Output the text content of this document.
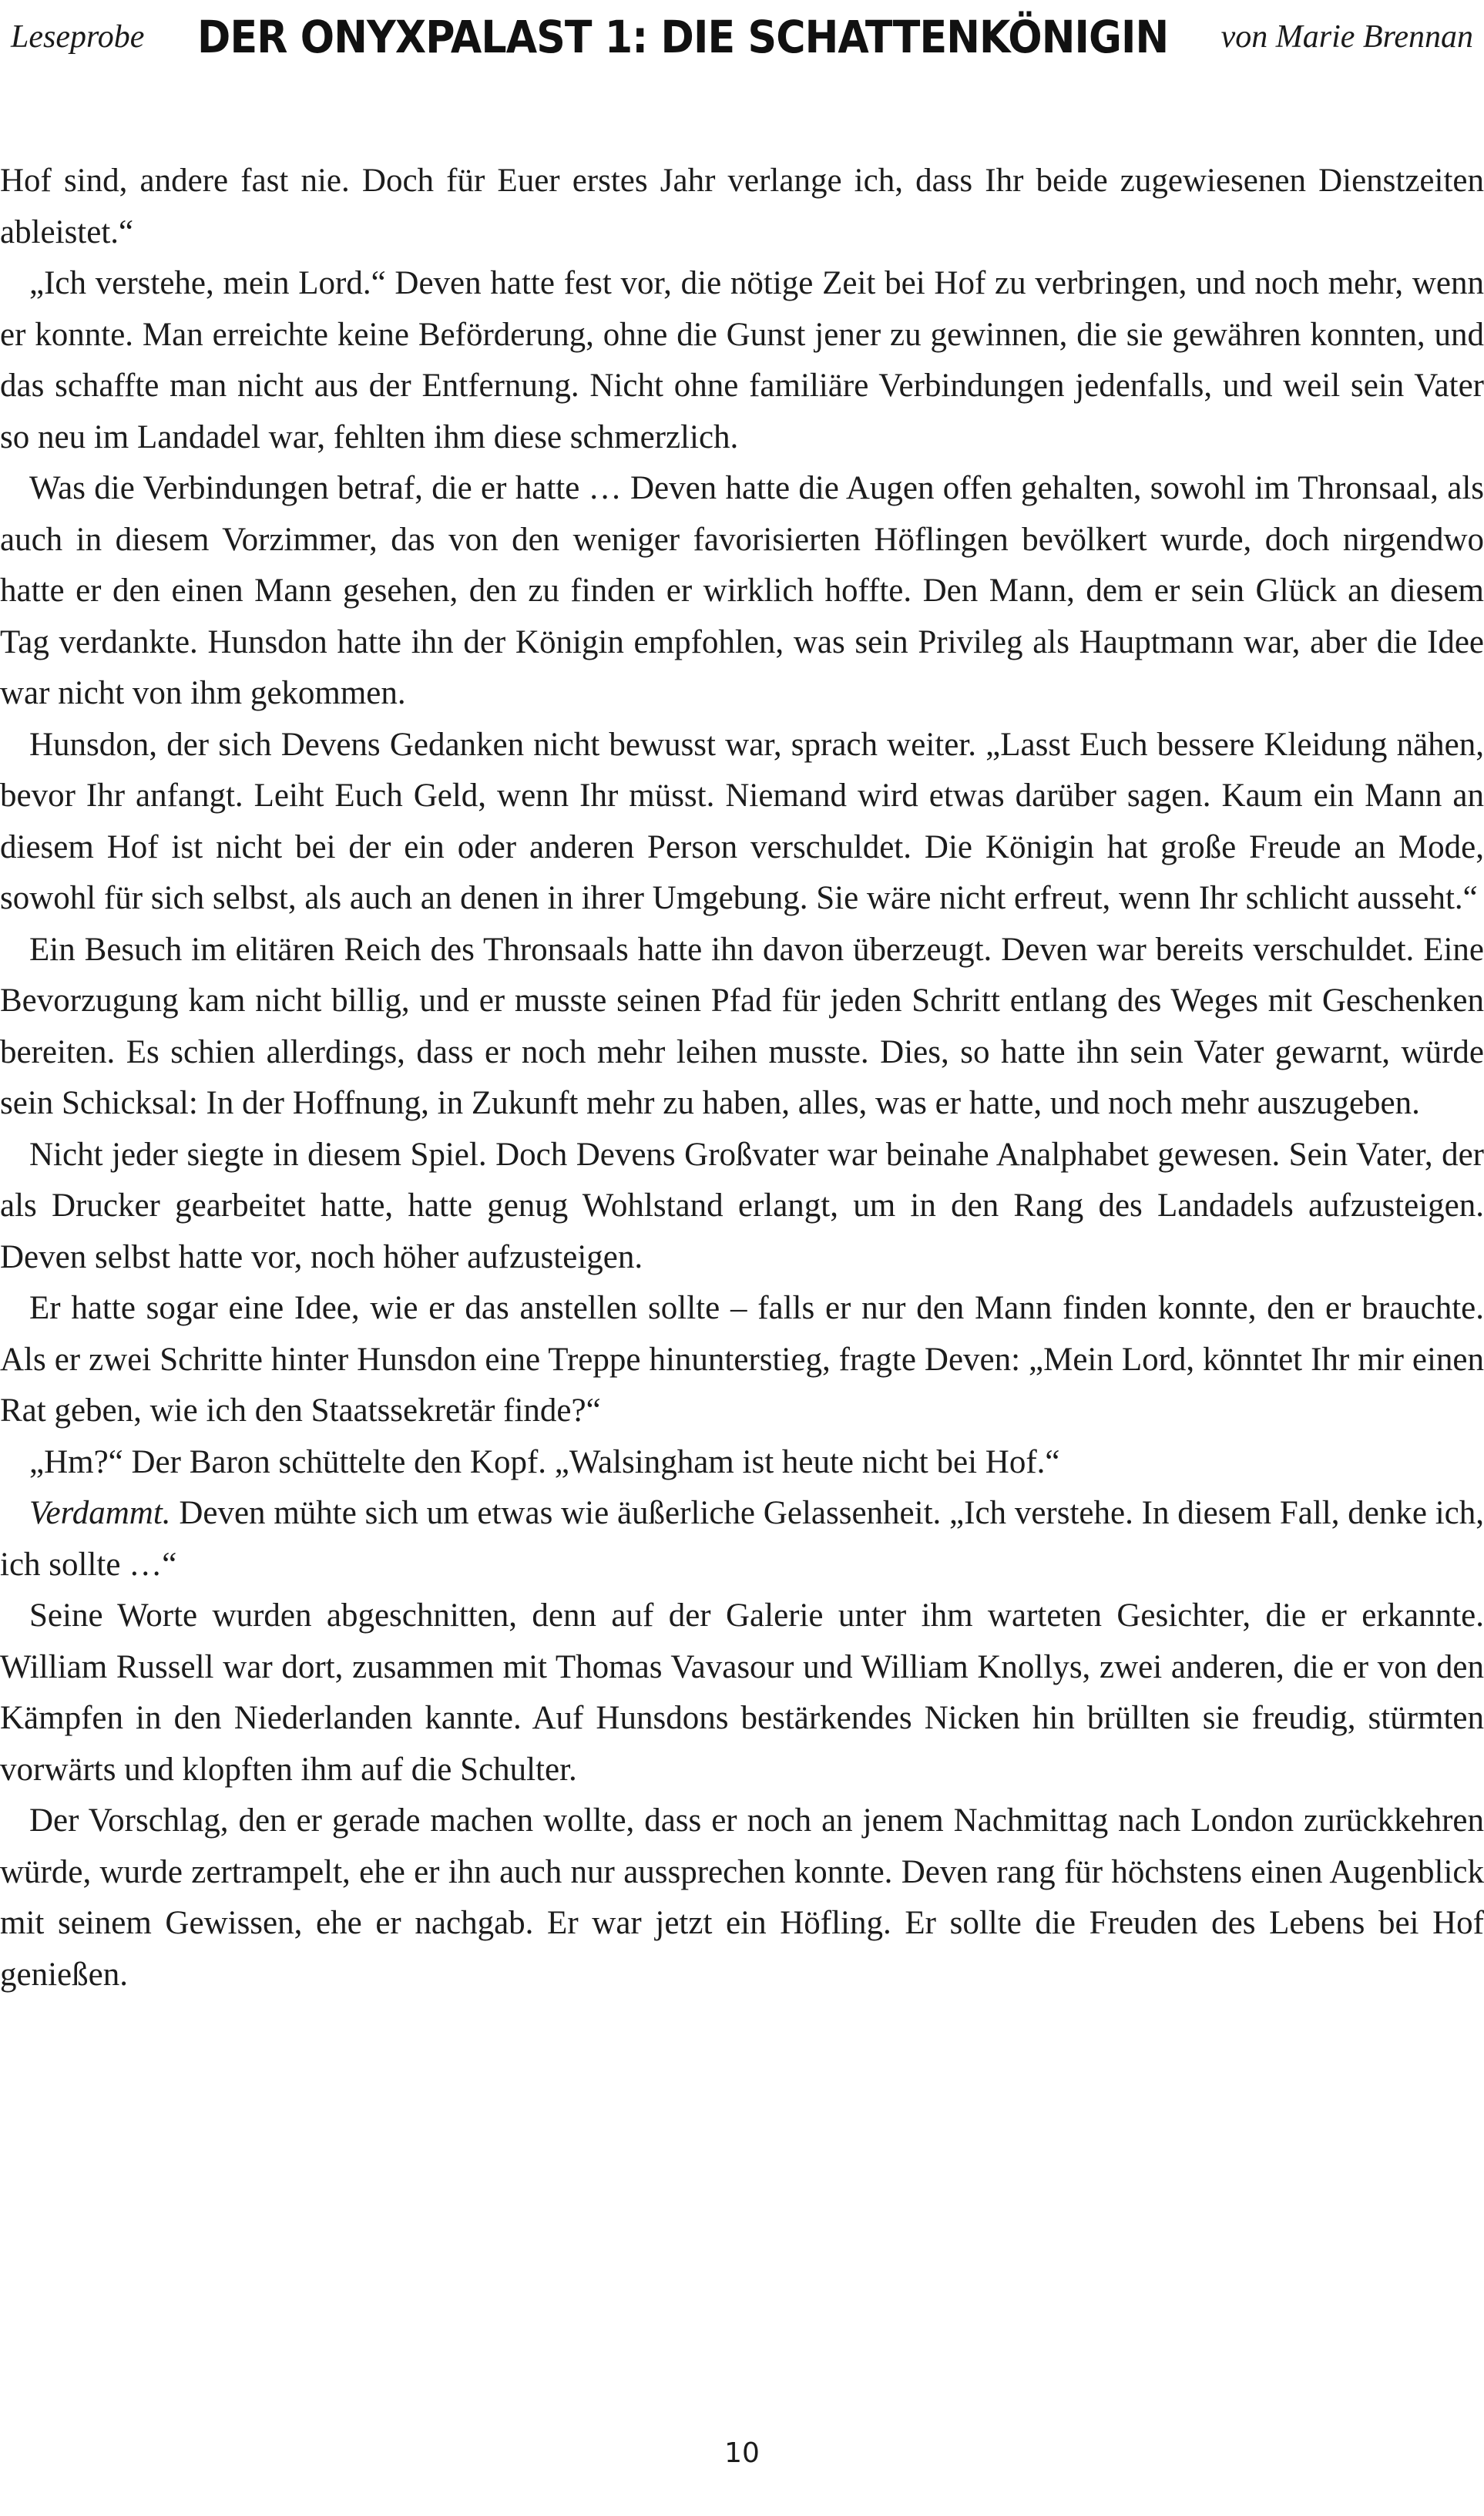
Leseprobe DER ONYXPALAST 1: DIE SCHATTENKÖNIGIN von Marie Brennan

Hof sind, andere fast nie. Doch für Euer erstes Jahr verlange ich, dass Ihr beide zugewiesenen Dienstzeiten ableistet.“

„Ich verstehe, mein Lord.“ Deven hatte fest vor, die nötige Zeit bei Hof zu verbringen, und noch mehr, wenn er konnte. Man erreichte keine Beförderung, ohne die Gunst jener zu gewinnen, die sie gewähren konnten, und das schaffte man nicht aus der Entfernung. Nicht ohne familiäre Verbindungen jedenfalls, und weil sein Vater so neu im Landadel war, fehlten ihm diese schmerzlich.

Was die Verbindungen betraf, die er hatte … Deven hatte die Augen offen gehalten, sowohl im Thronsaal, als auch in diesem Vorzimmer, das von den weniger favorisierten Höflingen bevölkert wurde, doch nirgendwo hatte er den einen Mann gesehen, den zu finden er wirklich hoffte. Den Mann, dem er sein Glück an diesem Tag verdankte. Hunsdon hatte ihn der Königin empfohlen, was sein Privileg als Hauptmann war, aber die Idee war nicht von ihm gekommen.

Hunsdon, der sich Devens Gedanken nicht bewusst war, sprach weiter. „Lasst Euch bessere Kleidung nähen, bevor Ihr anfangt. Leiht Euch Geld, wenn Ihr müsst. Niemand wird etwas darüber sagen. Kaum ein Mann an diesem Hof ist nicht bei der ein oder anderen Person verschuldet. Die Königin hat große Freude an Mode, sowohl für sich selbst, als auch an denen in ihrer Umgebung. Sie wäre nicht erfreut, wenn Ihr schlicht ausseht.“

Ein Besuch im elitären Reich des Thronsaals hatte ihn davon überzeugt. Deven war bereits verschuldet. Eine Bevorzugung kam nicht billig, und er musste seinen Pfad für jeden Schritt entlang des Weges mit Geschenken bereiten. Es schien allerdings, dass er noch mehr leihen musste. Dies, so hatte ihn sein Vater gewarnt, würde sein Schicksal: In der Hoffnung, in Zukunft mehr zu haben, alles, was er hatte, und noch mehr auszugeben.

Nicht jeder siegte in diesem Spiel. Doch Devens Großvater war beinahe Analphabet gewesen. Sein Vater, der als Drucker gearbeitet hatte, hatte genug Wohlstand erlangt, um in den Rang des Landadels aufzusteigen. Deven selbst hatte vor, noch höher aufzusteigen.

Er hatte sogar eine Idee, wie er das anstellen sollte – falls er nur den Mann finden konnte, den er brauchte. Als er zwei Schritte hinter Hunsdon eine Treppe hinunterstieg, fragte Deven: „Mein Lord, könntet Ihr mir einen Rat geben, wie ich den Staatssekretär finde?“

„Hm?“ Der Baron schüttelte den Kopf. „Walsingham ist heute nicht bei Hof.“

Verdammt. Deven mühte sich um etwas wie äußerliche Gelassenheit. „Ich verstehe. In diesem Fall, denke ich, ich sollte …“

Seine Worte wurden abgeschnitten, denn auf der Galerie unter ihm warteten Gesichter, die er erkannte. William Russell war dort, zusammen mit Thomas Vavasour und William Knollys, zwei anderen, die er von den Kämpfen in den Niederlanden kannte. Auf Hunsdons bestärkendes Nicken hin brüllten sie freudig, stürmten vorwärts und klopften ihm auf die Schulter.

Der Vorschlag, den er gerade machen wollte, dass er noch an jenem Nachmittag nach London zurückkehren würde, wurde zertrampelt, ehe er ihn auch nur aussprechen konnte. Deven rang für höchstens einen Augenblick mit seinem Gewissen, ehe er nachgab. Er war jetzt ein Höfling. Er sollte die Freuden des Lebens bei Hof genießen.

10
